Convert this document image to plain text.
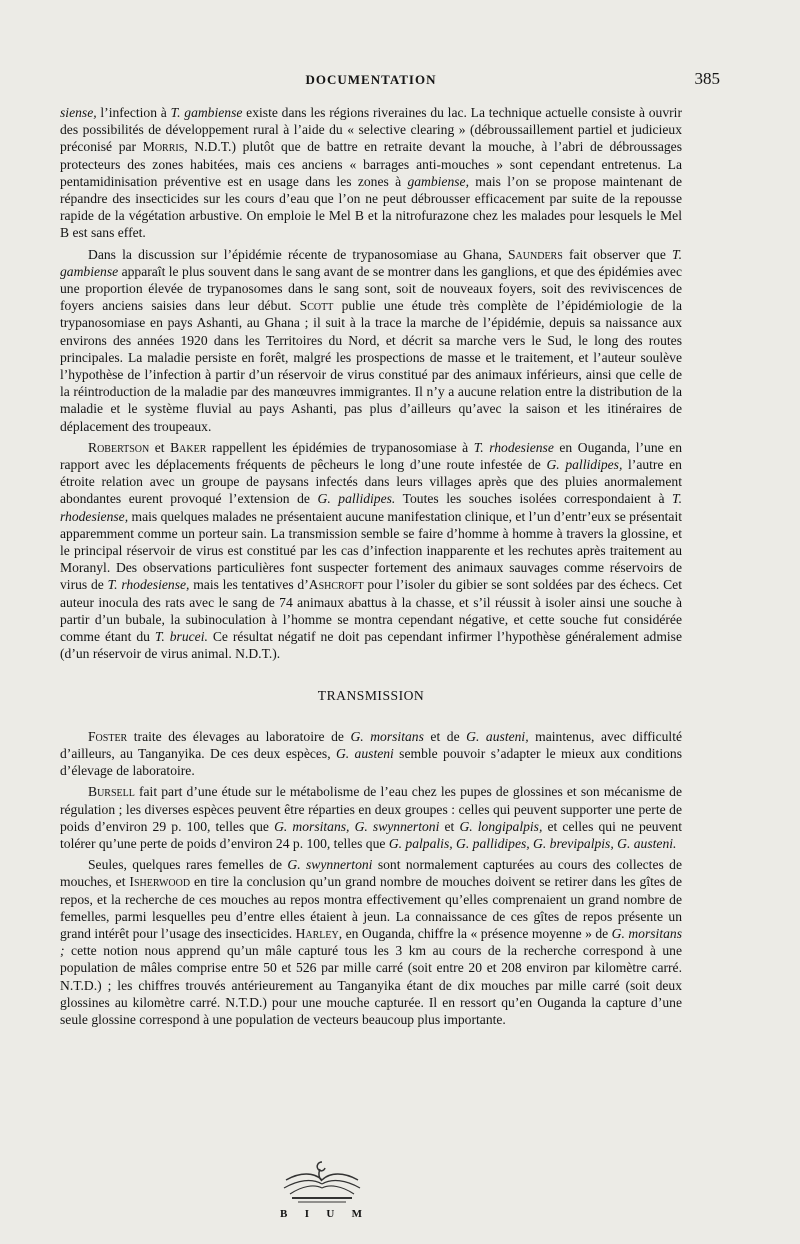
DOCUMENTATION	385

siense, l’infection à T. gambiense existe dans les régions riveraines du lac. La technique actuelle consiste à ouvrir des possibilités de développement rural à l’aide du « selective clearing » (débroussaillement partiel et judicieux préconisé par Morris, N.D.T.) plutôt que de battre en retraite devant la mouche, à l’abri de débroussages protecteurs des zones habitées, mais ces anciens « barrages anti-mouches » sont cependant entretenus. La pentamidinisation préventive est en usage dans les zones à gambiense, mais l’on se propose maintenant de répandre des insecticides sur les cours d’eau que l’on ne peut débrousser efficacement par suite de la repousse rapide de la végétation arbustive. On emploie le Mel B et la nitrofurazone chez les malades pour lesquels le Mel B est sans effet.

Dans la discussion sur l’épidémie récente de trypanosomiase au Ghana, Saunders fait observer que T. gambiense apparaît le plus souvent dans le sang avant de se montrer dans les ganglions, et que des épidémies avec une proportion élevée de trypanosomes dans le sang sont, soit de nouveaux foyers, soit des reviviscences de foyers anciens saisies dans leur début. Scott publie une étude très complète de l’épidémiologie de la trypanosomiase en pays Ashanti, au Ghana ; il suit à la trace la marche de l’épidémie, depuis sa naissance aux environs des années 1920 dans les Territoires du Nord, et décrit sa marche vers le Sud, le long des routes principales. La maladie persiste en forêt, malgré les prospections de masse et le traitement, et l’auteur soulève l’hypothèse de l’infection à partir d’un réservoir de virus constitué par des animaux inférieurs, ainsi que celle de la réintroduction de la maladie par des manœuvres immigrantes. Il n’y a aucune relation entre la distribution de la maladie et le système fluvial au pays Ashanti, pas plus d’ailleurs qu’avec la saison et les itinéraires de déplacement des troupeaux.

Robertson et Baker rappellent les épidémies de trypanosomiase à T. rhodesiense en Ouganda, l’une en rapport avec les déplacements fréquents de pêcheurs le long d’une route infestée de G. pallidipes, l’autre en étroite relation avec un groupe de paysans infectés dans leurs villages après que des pluies anormalement abondantes eurent provoqué l’extension de G. pallidipes. Toutes les souches isolées correspondaient à T. rhodesiense, mais quelques malades ne présentaient aucune manifestation clinique, et l’un d’entr’eux se présentait apparemment comme un porteur sain. La transmission semble se faire d’homme à homme à travers la glossine, et le principal réservoir de virus est constitué par les cas d’infection inapparente et les rechutes après traitement au Moranyl. Des observations particulières font suspecter fortement des animaux sauvages comme réservoirs de virus de T. rhodesiense, mais les tentatives d’Ashcroft pour l’isoler du gibier se sont soldées par des échecs. Cet auteur inocula des rats avec le sang de 74 animaux abattus à la chasse, et s’il réussit à isoler ainsi une souche à partir d’un bubale, la subinoculation à l’homme se montra cependant négative, et cette souche fut considérée comme étant du T. brucei. Ce résultat négatif ne doit pas cependant infirmer l’hypothèse généralement admise (d’un réservoir de virus animal. N.D.T.).

TRANSMISSION

Foster traite des élevages au laboratoire de G. morsitans et de G. austeni, maintenus, avec difficulté d’ailleurs, au Tanganyika. De ces deux espèces, G. austeni semble pouvoir s’adapter le mieux aux conditions d’élevage de laboratoire.

Bursell fait part d’une étude sur le métabolisme de l’eau chez les pupes de glossines et son mécanisme de régulation ; les diverses espèces peuvent être réparties en deux groupes : celles qui peuvent supporter une perte de poids d’environ 29 p. 100, telles que G. morsitans, G. swynnertoni et G. longipalpis, et celles qui ne peuvent tolérer qu’une perte de poids d’environ 24 p. 100, telles que G. palpalis, G. pallidipes, G. brevipalpis, G. austeni.

Seules, quelques rares femelles de G. swynnertoni sont normalement capturées au cours des collectes de mouches, et Isherwood en tire la conclusion qu’un grand nombre de mouches doivent se retirer dans les gîtes de repos, et la recherche de ces mouches au repos montra effectivement qu’elles comprenaient un grand nombre de femelles, parmi lesquelles peu d’entre elles étaient à jeun. La connaissance de ces gîtes de repos présente un grand intérêt pour l’usage des insecticides. Harley, en Ouganda, chiffre la « présence moyenne » de G. morsitans ; cette notion nous apprend qu’un mâle capturé tous les 3 km au cours de la recherche correspond à une population de mâles comprise entre 50 et 526 par mille carré (soit entre 20 et 208 environ par kilomètre carré. N.T.D.) ; les chiffres trouvés antérieurement au Tanganyika étant de dix mouches par mille carré (soit deux glossines au kilomètre carré. N.T.D.) pour une mouche capturée. Il en ressort qu’en Ouganda la capture d’une seule glossine correspond à une population de vecteurs beaucoup plus importante.

B I U M
